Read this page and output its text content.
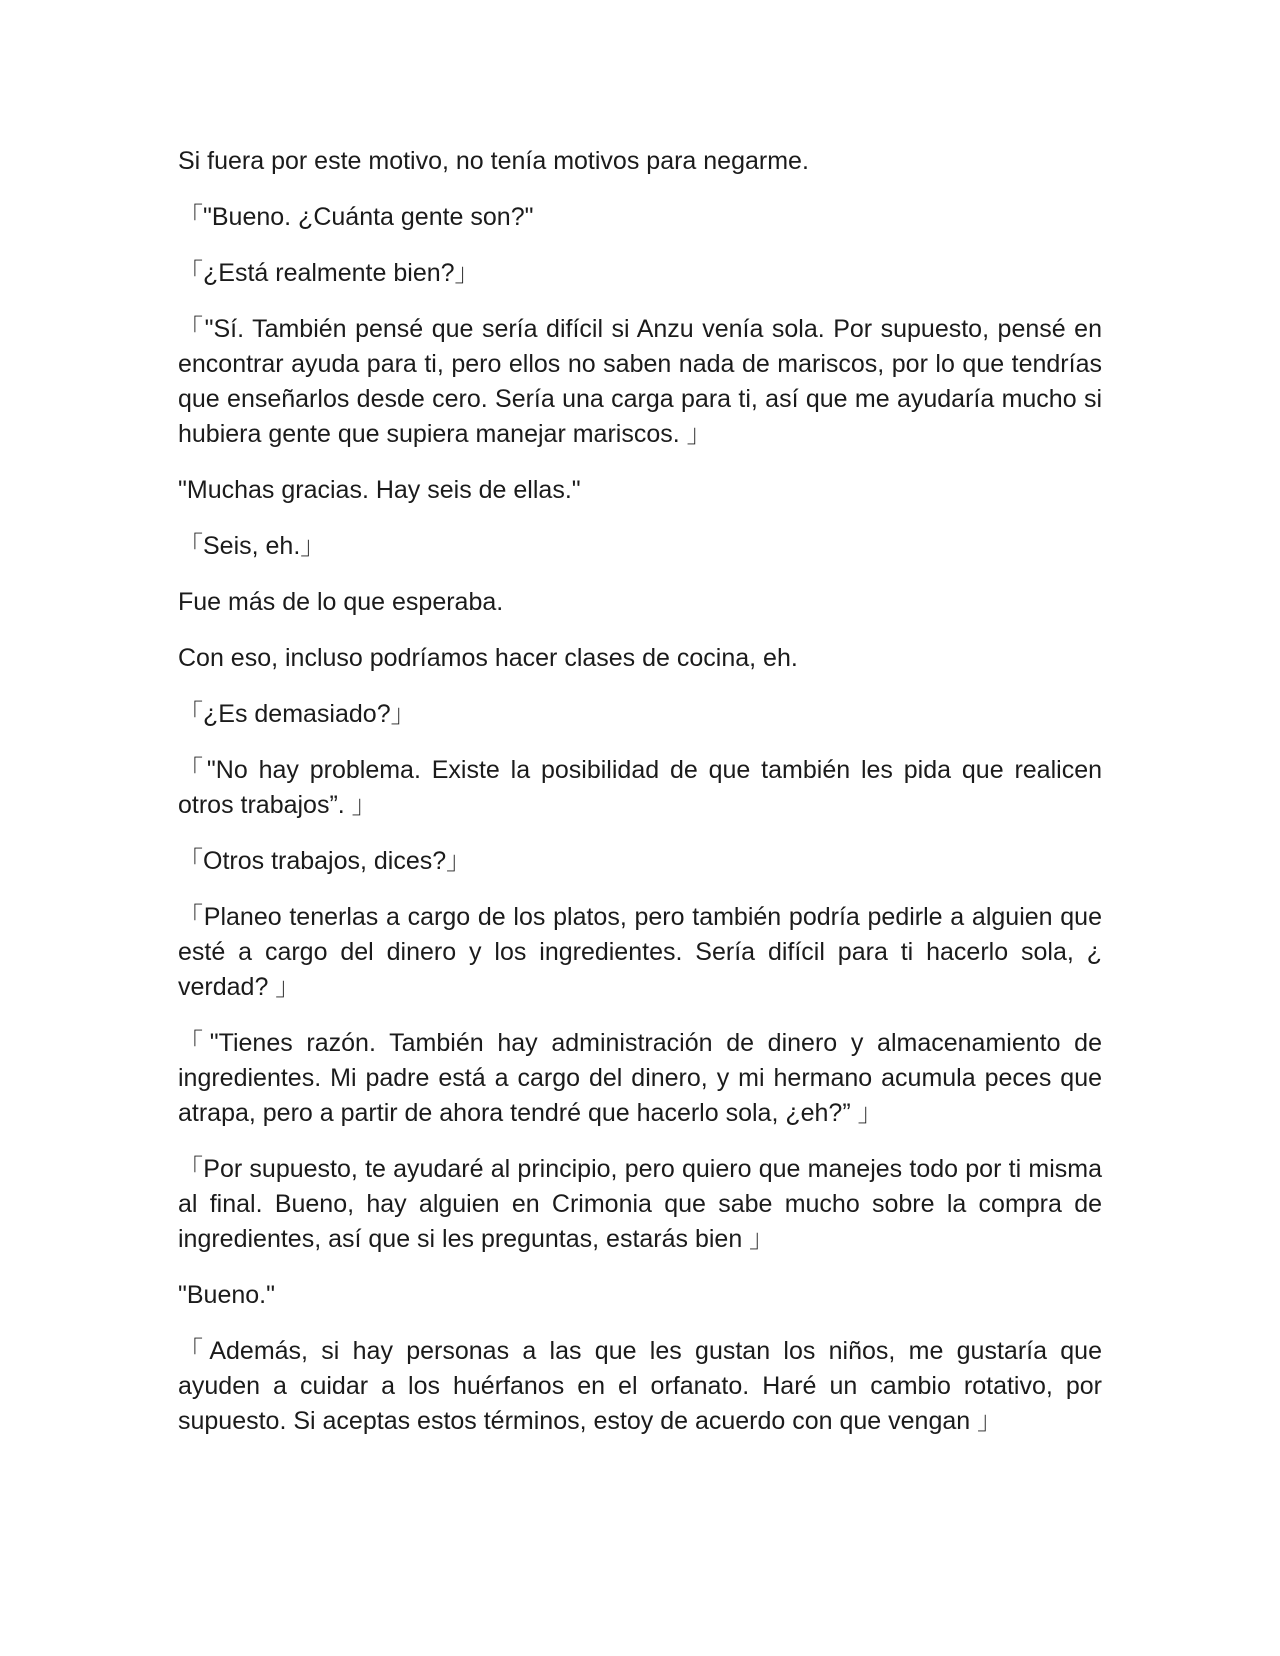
Si fuera por este motivo, no tenía motivos para negarme.

「"Bueno. ¿Cuánta gente son?"

「¿Está realmente bien?」

「"Sí. También pensé que sería difícil si Anzu venía sola. Por supuesto, pensé en encontrar ayuda para ti, pero ellos no saben nada de mariscos, por lo que tendrías que enseñarlos desde cero. Sería una carga para ti, así que me ayudaría mucho si hubiera gente que supiera manejar mariscos. 」

"Muchas gracias. Hay seis de ellas."

「Seis, eh.」

Fue más de lo que esperaba.

Con eso, incluso podríamos hacer clases de cocina, eh.

「¿Es demasiado?」

「"No hay problema. Existe la posibilidad de que también les pida que realicen otros trabajos”. 」

「Otros trabajos, dices?」

「Planeo tenerlas a cargo de los platos, pero también podría pedirle a alguien que esté a cargo del dinero y los ingredientes. Sería difícil para ti hacerlo sola, ¿ verdad? 」

「"Tienes razón. También hay administración de dinero y almacenamiento de ingredientes. Mi padre está a cargo del dinero, y mi hermano acumula peces que atrapa, pero a partir de ahora tendré que hacerlo sola, ¿eh?” 」

「Por supuesto, te ayudaré al principio, pero quiero que manejes todo por ti misma al final. Bueno, hay alguien en Crimonia que sabe mucho sobre la compra de ingredientes, así que si les preguntas, estarás bien 」

"Bueno."

「Además, si hay personas a las que les gustan los niños, me gustaría que ayuden a cuidar a los huérfanos en el orfanato. Haré un cambio rotativo, por supuesto. Si aceptas estos términos, estoy de acuerdo con que vengan 」
